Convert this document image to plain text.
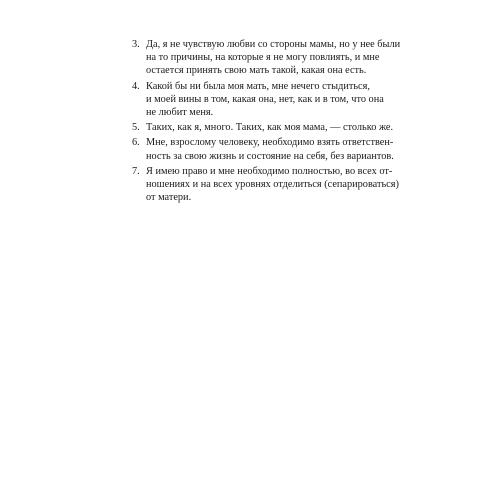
3. Да, я не чувствую любви со стороны мамы, но у нее были
на то причины, на которые я не могу повлиять, и мне
остается принять свою мать такой, какая она есть.
4. Какой бы ни была моя мать, мне нечего стыдиться,
и моей вины в том, какая она, нет, как и в том, что она
не любит меня.
5. Таких, как я, много. Таких, как моя мама, — столько же.
6. Мне, взрослому человеку, необходимо взять ответствен-
ность за свою жизнь и состояние на себя, без вариантов.
7. Я имею право и мне необходимо полностью, во всех от-
ношениях и на всех уровнях отделиться (сепарироваться)
от матери.
